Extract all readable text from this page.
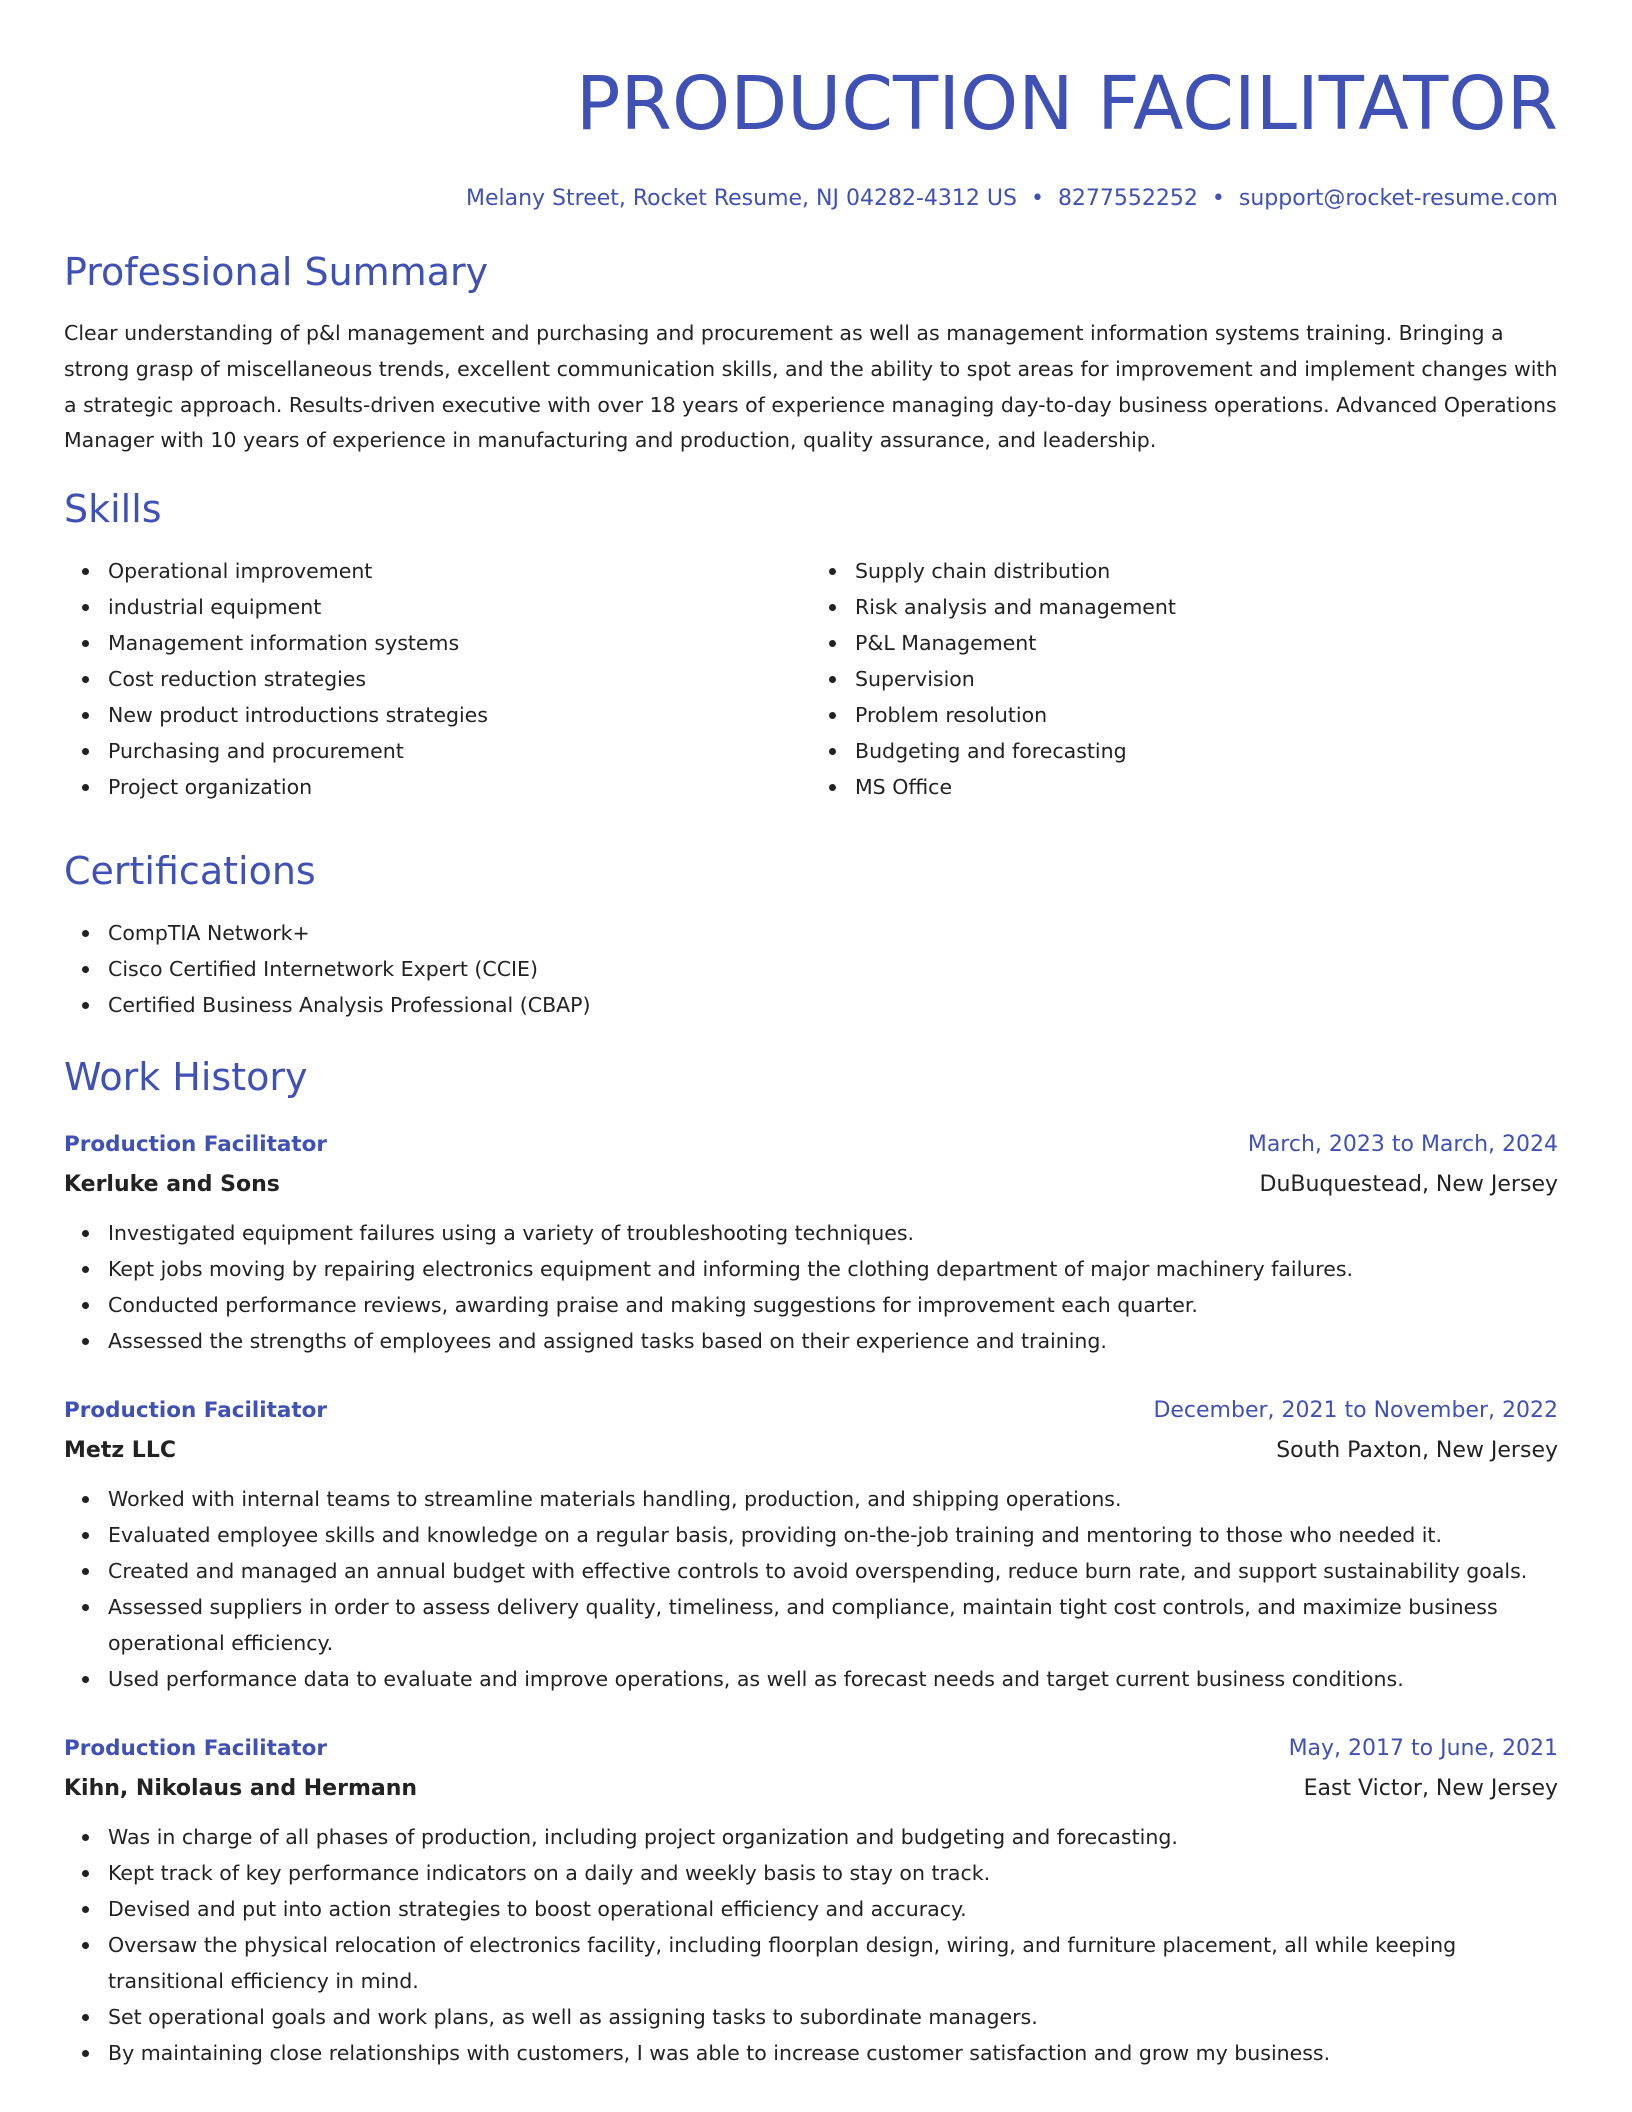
PRODUCTION FACILITATOR
Melany Street, Rocket Resume, NJ 04282-4312 US • 8277552252 • support@rocket-resume.com
Professional Summary
Clear understanding of p&l management and purchasing and procurement as well as management information systems training. Bringing a strong grasp of miscellaneous trends, excellent communication skills, and the ability to spot areas for improvement and implement changes with a strategic approach. Results-driven executive with over 18 years of experience managing day-to-day business operations. Advanced Operations Manager with 10 years of experience in manufacturing and production, quality assurance, and leadership.
Skills
Operational improvement
industrial equipment
Management information systems
Cost reduction strategies
New product introductions strategies
Purchasing and procurement
Project organization
Supply chain distribution
Risk analysis and management
P&L Management
Supervision
Problem resolution
Budgeting and forecasting
MS Office
Certifications
CompTIA Network+
Cisco Certified Internetwork Expert (CCIE)
Certified Business Analysis Professional (CBAP)
Work History
Production Facilitator	March, 2023 to March, 2024
Kerluke and Sons	DuBuquestead, New Jersey
Investigated equipment failures using a variety of troubleshooting techniques.
Kept jobs moving by repairing electronics equipment and informing the clothing department of major machinery failures.
Conducted performance reviews, awarding praise and making suggestions for improvement each quarter.
Assessed the strengths of employees and assigned tasks based on their experience and training.
Production Facilitator	December, 2021 to November, 2022
Metz LLC	South Paxton, New Jersey
Worked with internal teams to streamline materials handling, production, and shipping operations.
Evaluated employee skills and knowledge on a regular basis, providing on-the-job training and mentoring to those who needed it.
Created and managed an annual budget with effective controls to avoid overspending, reduce burn rate, and support sustainability goals.
Assessed suppliers in order to assess delivery quality, timeliness, and compliance, maintain tight cost controls, and maximize business operational efficiency.
Used performance data to evaluate and improve operations, as well as forecast needs and target current business conditions.
Production Facilitator	May, 2017 to June, 2021
Kihn, Nikolaus and Hermann	East Victor, New Jersey
Was in charge of all phases of production, including project organization and budgeting and forecasting.
Kept track of key performance indicators on a daily and weekly basis to stay on track.
Devised and put into action strategies to boost operational efficiency and accuracy.
Oversaw the physical relocation of electronics facility, including floorplan design, wiring, and furniture placement, all while keeping transitional efficiency in mind.
Set operational goals and work plans, as well as assigning tasks to subordinate managers.
By maintaining close relationships with customers, I was able to increase customer satisfaction and grow my business.
